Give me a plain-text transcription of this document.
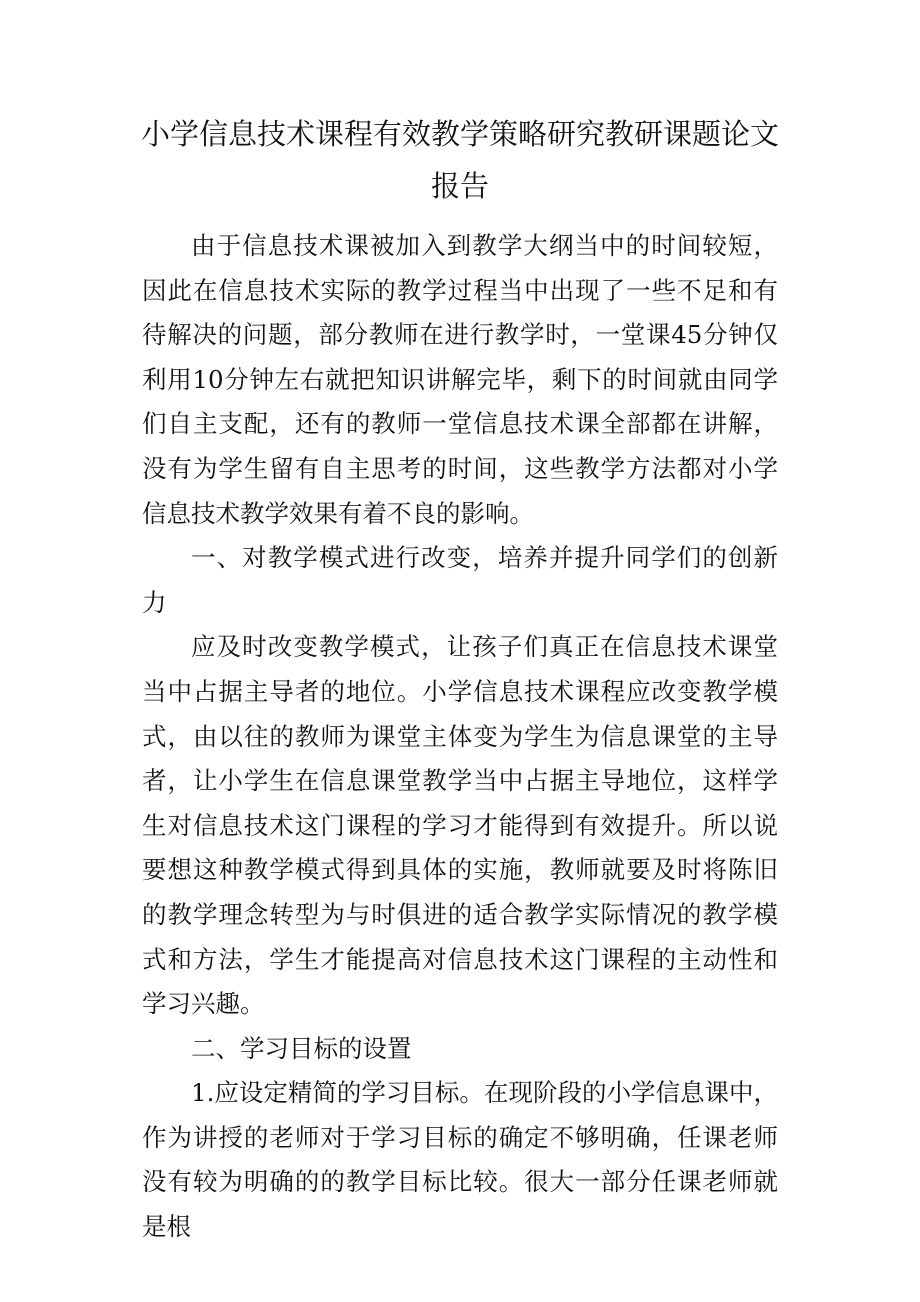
小学信息技术课程有效教学策略研究教研课题论文报告

由于信息技术课被加入到教学大纲当中的时间较短，因此在信息技术实际的教学过程当中出现了一些不足和有待解决的问题，部分教师在进行教学时，一堂课45分钟仅利用10分钟左右就把知识讲解完毕，剩下的时间就由同学们自主支配，还有的教师一堂信息技术课全部都在讲解，没有为学生留有自主思考的时间，这些教学方法都对小学信息技术教学效果有着不良的影响。

一、对教学模式进行改变，培养并提升同学们的创新力

应及时改变教学模式，让孩子们真正在信息技术课堂当中占据主导者的地位。小学信息技术课程应改变教学模式，由以往的教师为课堂主体变为学生为信息课堂的主导者，让小学生在信息课堂教学当中占据主导地位，这样学生对信息技术这门课程的学习才能得到有效提升。所以说要想这种教学模式得到具体的实施，教师就要及时将陈旧的教学理念转型为与时俱进的适合教学实际情况的教学模式和方法，学生才能提高对信息技术这门课程的主动性和学习兴趣。

二、学习目标的设置

1.应设定精简的学习目标。在现阶段的小学信息课中，作为讲授的老师对于学习目标的确定不够明确，任课老师没有较为明确的的教学目标比较。很大一部分任课老师就是根
